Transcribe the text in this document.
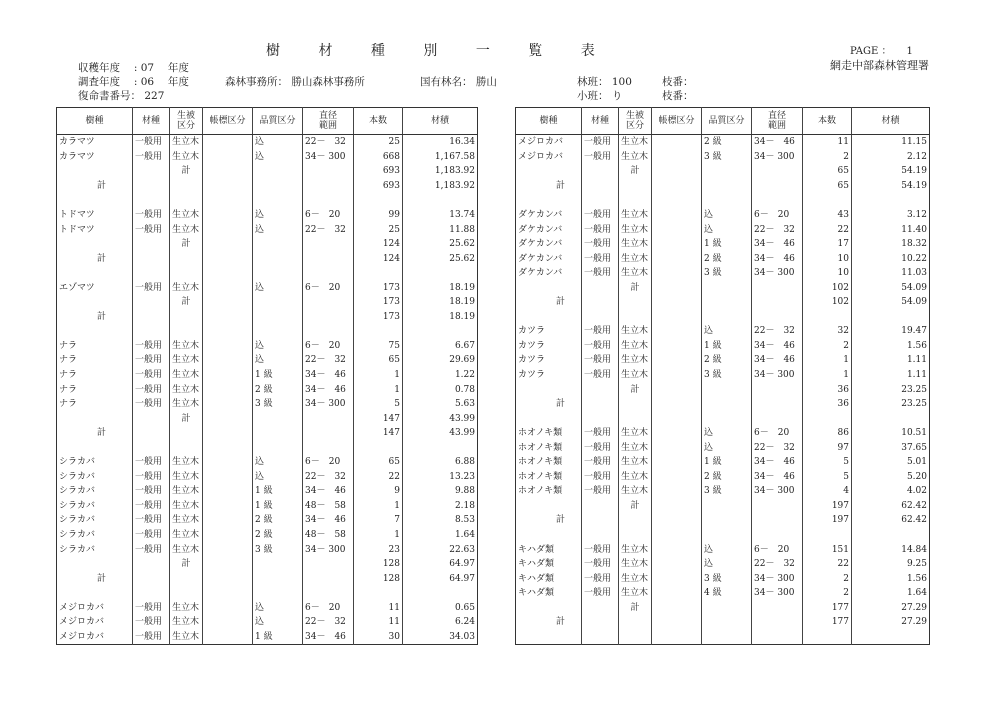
樹	材	種	別	一	覧	表	PAGE ：　　1
網走中部森林管理署
収穫年度　 : 07　 年度
調査年度　 : 06　 年度	森林事務所： 勝山森林事務所	国有林名： 勝山	林班： 100	枝番：
小班： り	枝番：
復命書番号： 227
樹種	材種	生被
区分	帳標区分	品質区分	直径
範囲	本数	材積
カラマツ	一般用	生立木		込	22－　32	25	16.34
カラマツ	一般用	生立木		込	34－ 300	668	1,167.58
		計				693	1,183.92
計						693	1,183.92

トドマツ	一般用	生立木		込	6－　20	99	13.74
トドマツ	一般用	生立木		込	22－　32	25	11.88
		計				124	25.62
計						124	25.62

エゾマツ	一般用	生立木		込	6－　20	173	18.19
		計				173	18.19
計						173	18.19

ナラ	一般用	生立木		込	6－　20	75	6.67
ナラ	一般用	生立木		込	22－　32	65	29.69
ナラ	一般用	生立木		1 級	34－　46	1	1.22
ナラ	一般用	生立木		2 級	34－　46	1	0.78
ナラ	一般用	生立木		3 級	34－ 300	5	5.63
		計				147	43.99
計						147	43.99

シラカバ	一般用	生立木		込	6－　20	65	6.88
シラカバ	一般用	生立木		込	22－　32	22	13.23
シラカバ	一般用	生立木		1 級	34－　46	9	9.88
シラカバ	一般用	生立木		1 級	48－　58	1	2.18
シラカバ	一般用	生立木		2 級	34－　46	7	8.53
シラカバ	一般用	生立木		2 級	48－　58	1	1.64
シラカバ	一般用	生立木		3 級	34－ 300	23	22.63
		計				128	64.97
計						128	64.97

メジロカバ	一般用	生立木		込	6－　20	11	0.65
メジロカバ	一般用	生立木		込	22－　32	11	6.24
メジロカバ	一般用	生立木		1 級	34－　46	30	34.03
樹種	材種	生被
区分	帳標区分	品質区分	直径
範囲	本数	材積
メジロカバ	一般用	生立木		2 級	34－　46	11	11.15
メジロカバ	一般用	生立木		3 級	34－ 300	2	2.12
		計				65	54.19
計						65	54.19

ダケカンバ	一般用	生立木		込	6－　20	43	3.12
ダケカンバ	一般用	生立木		込	22－　32	22	11.40
ダケカンバ	一般用	生立木		1 級	34－　46	17	18.32
ダケカンバ	一般用	生立木		2 級	34－　46	10	10.22
ダケカンバ	一般用	生立木		3 級	34－ 300	10	11.03
		計				102	54.09
計						102	54.09

カツラ	一般用	生立木		込	22－　32	32	19.47
カツラ	一般用	生立木		1 級	34－　46	2	1.56
カツラ	一般用	生立木		2 級	34－　46	1	1.11
カツラ	一般用	生立木		3 級	34－ 300	1	1.11
		計				36	23.25
計						36	23.25

ホオノキ類	一般用	生立木		込	6－　20	86	10.51
ホオノキ類	一般用	生立木		込	22－　32	97	37.65
ホオノキ類	一般用	生立木		1 級	34－　46	5	5.01
ホオノキ類	一般用	生立木		2 級	34－　46	5	5.20
ホオノキ類	一般用	生立木		3 級	34－ 300	4	4.02
		計				197	62.42
計						197	62.42

キハダ類	一般用	生立木		込	6－　20	151	14.84
キハダ類	一般用	生立木		込	22－　32	22	9.25
キハダ類	一般用	生立木		3 級	34－ 300	2	1.56
キハダ類	一般用	生立木		4 級	34－ 300	2	1.64
		計				177	27.29
計						177	27.29
